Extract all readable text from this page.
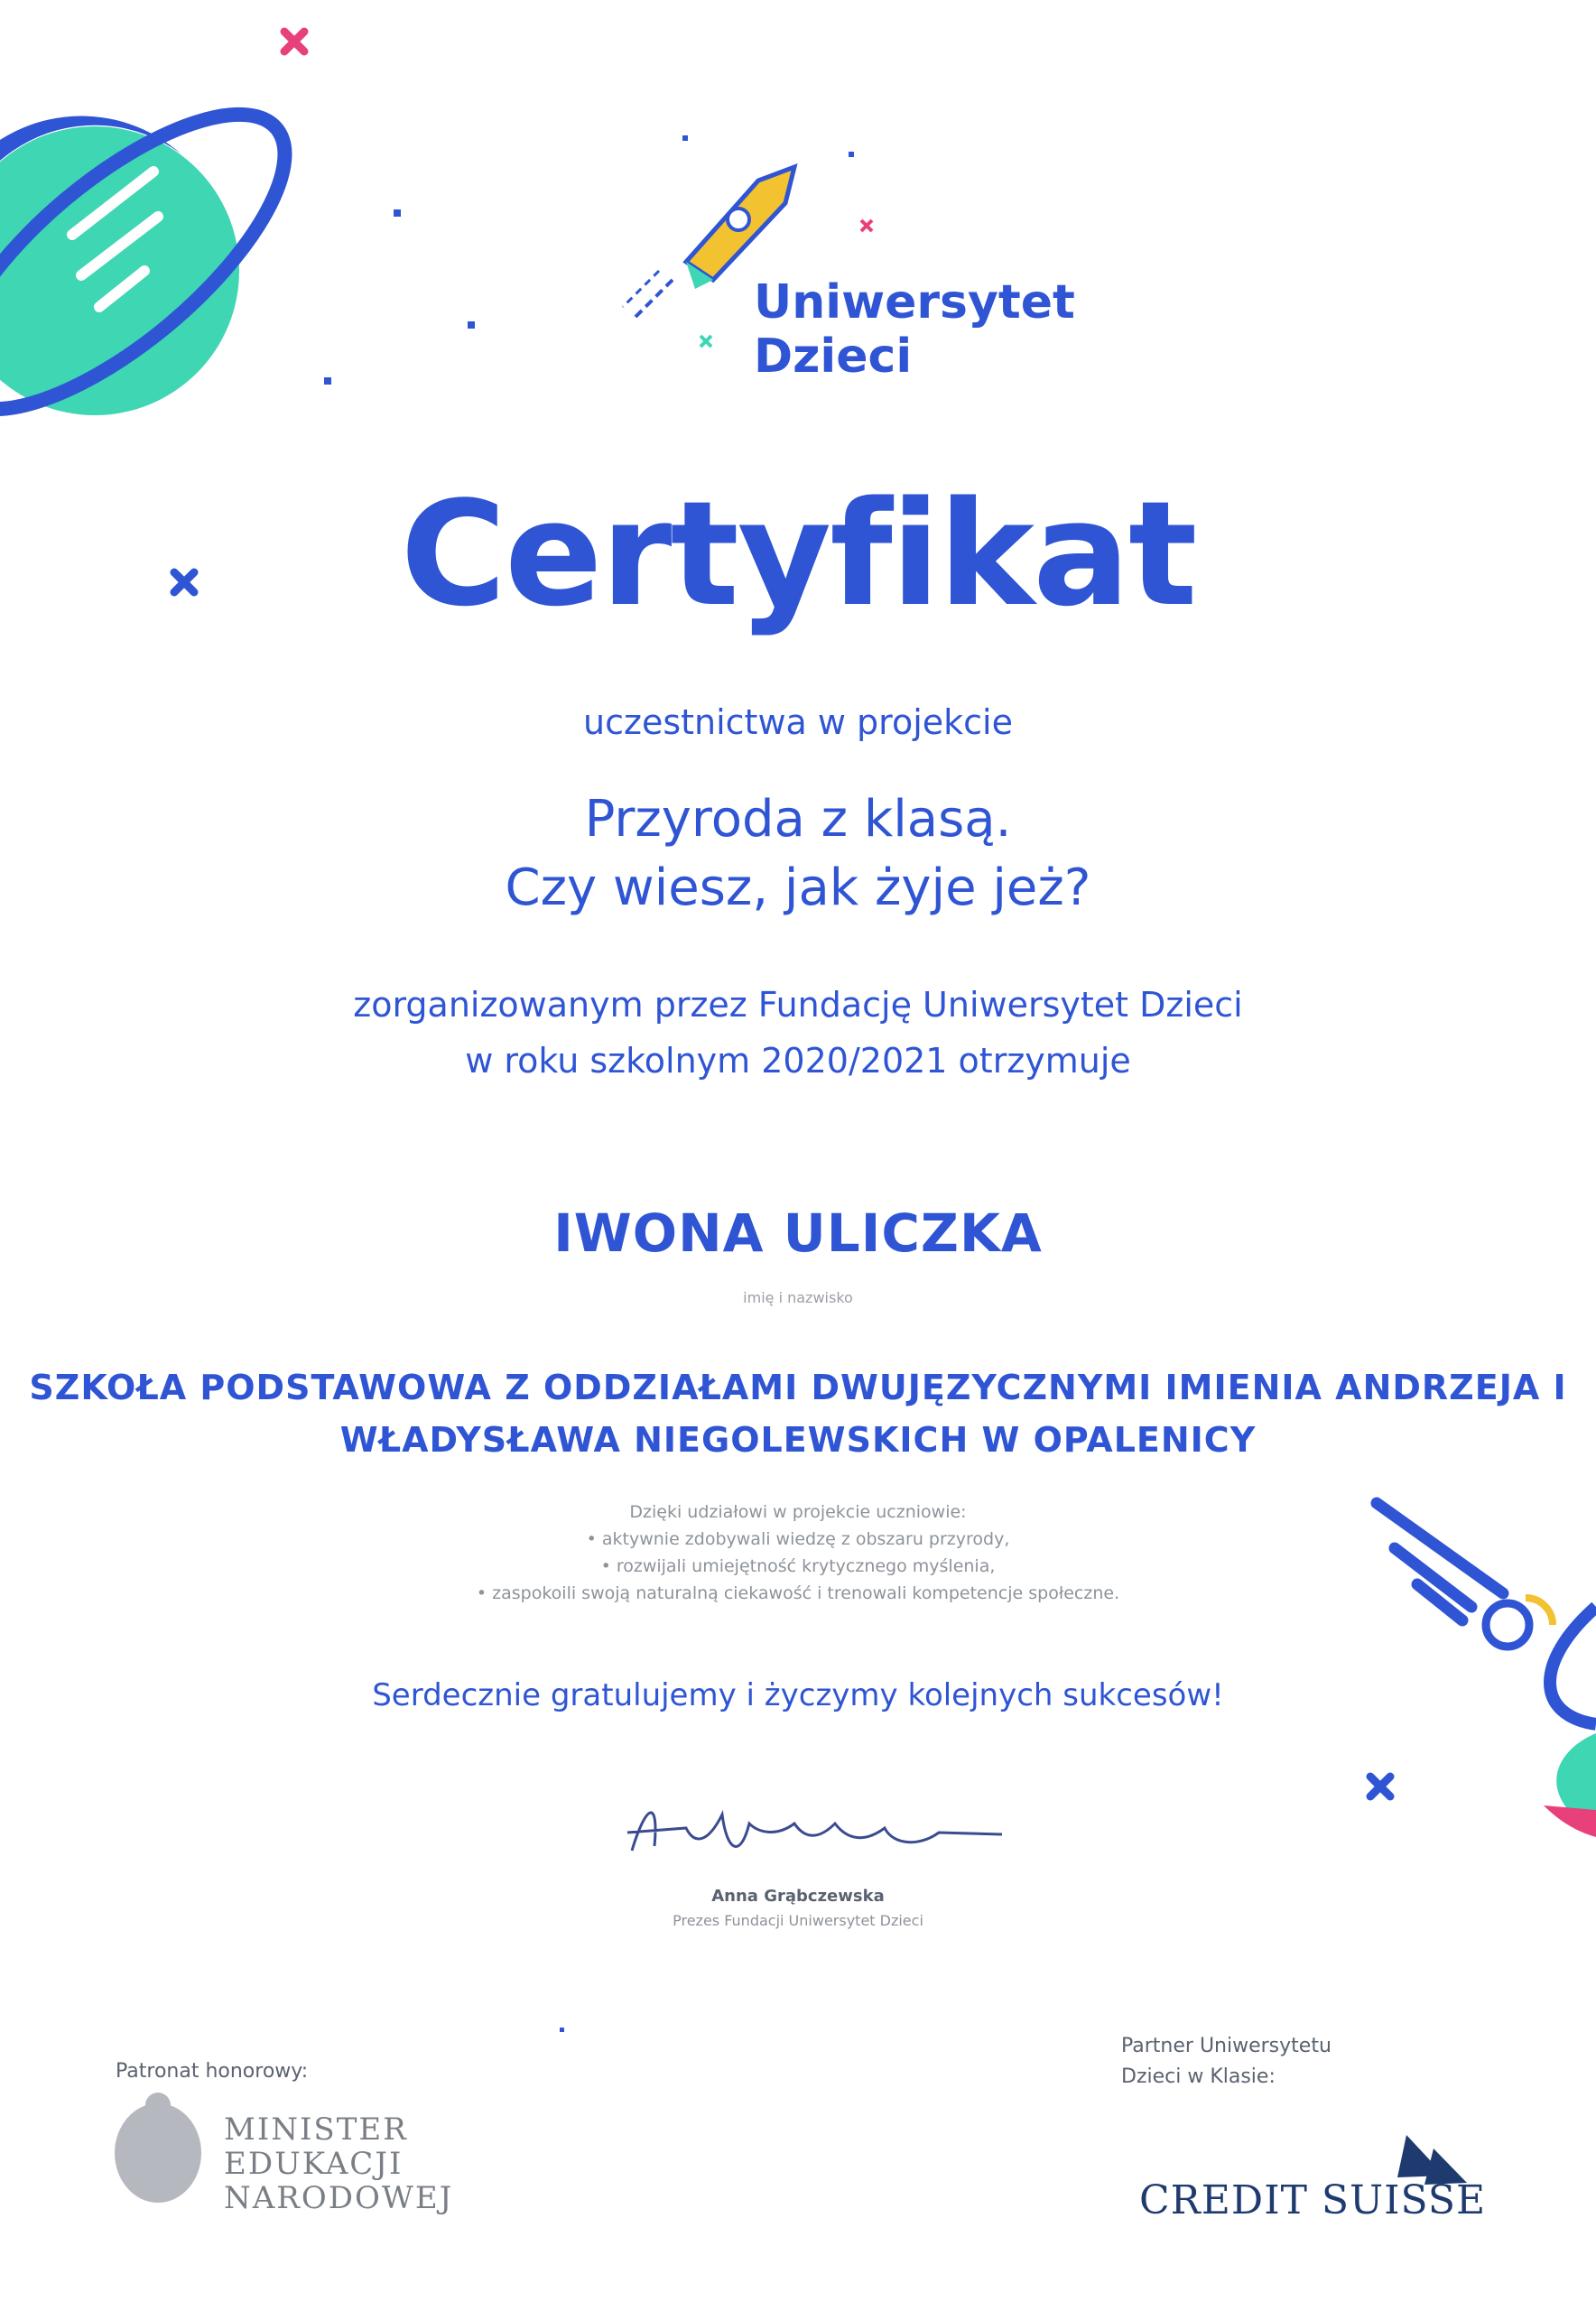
Uniwersytet
Dzieci
Certyfikat
uczestnictwa w projekcie
Przyroda z klasą.
Czy wiesz, jak żyje jeż?
zorganizowanym przez Fundację Uniwersytet Dzieci
w roku szkolnym 2020/2021 otrzymuje
IWONA ULICZKA
imię i nazwisko
SZKOŁA PODSTAWOWA Z ODDZIAŁAMI DWUJĘZYCZNYMI IMIENIA ANDRZEJA I
WŁADYSŁAWA NIEGOLEWSKICH W OPALENICY
Dzięki udziałowi w projekcie uczniowie:
• aktywnie zdobywali wiedzę z obszaru przyrody,
• rozwijali umiejętność krytycznego myślenia,
• zaspokoili swoją naturalną ciekawość i trenowali kompetencje społeczne.
Serdecznie gratulujemy i życzymy kolejnych sukcesów!
Anna Grąbczewska
Prezes Fundacji Uniwersytet Dzieci
Patronat honorowy:
MINISTER
EDUKACJI
NARODOWEJ
Partner Uniwersytetu
Dzieci w Klasie:
CREDIT SUISSE
